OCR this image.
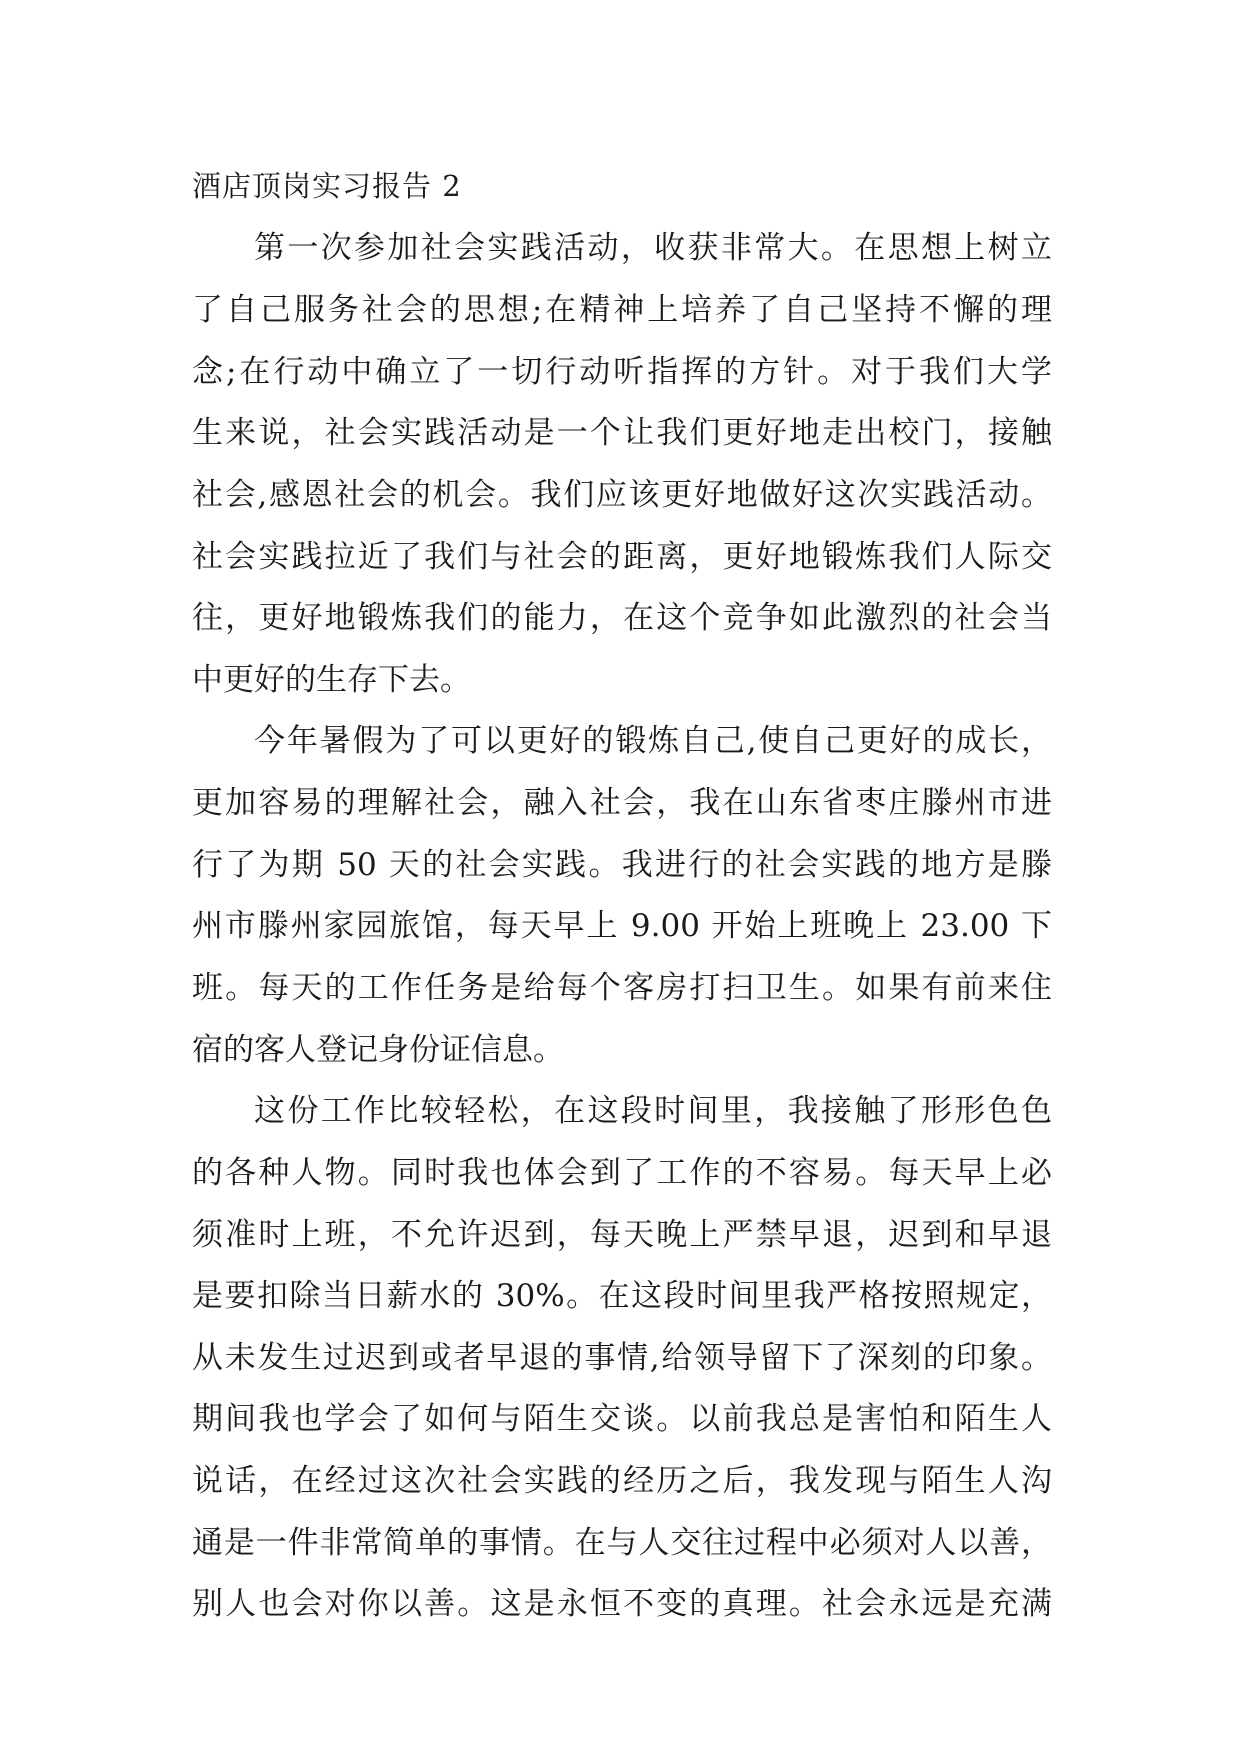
酒店顶岗实习报告 2

第一次参加社会实践活动，收获非常大。在思想上树立

了自己服务社会的思想;在精神上培养了自己坚持不懈的理

念;在行动中确立了一切行动听指挥的方针。对于我们大学

生来说，社会实践活动是一个让我们更好地走出校门，接触

社会,感恩社会的机会。我们应该更好地做好这次实践活动。

社会实践拉近了我们与社会的距离，更好地锻炼我们人际交

往，更好地锻炼我们的能力，在这个竞争如此激烈的社会当

中更好的生存下去。

今年暑假为了可以更好的锻炼自己,使自己更好的成长，

更加容易的理解社会，融入社会，我在山东省枣庄滕州市进

行了为期 50 天的社会实践。我进行的社会实践的地方是滕

州市滕州家园旅馆，每天早上 9.00 开始上班晚上 23.00 下

班。每天的工作任务是给每个客房打扫卫生。如果有前来住

宿的客人登记身份证信息。

这份工作比较轻松，在这段时间里，我接触了形形色色

的各种人物。同时我也体会到了工作的不容易。每天早上必

须准时上班，不允许迟到，每天晚上严禁早退，迟到和早退

是要扣除当日薪水的 30%。在这段时间里我严格按照规定，

从未发生过迟到或者早退的事情,给领导留下了深刻的印象。

期间我也学会了如何与陌生交谈。以前我总是害怕和陌生人

说话，在经过这次社会实践的经历之后，我发现与陌生人沟

通是一件非常简单的事情。在与人交往过程中必须对人以善，

别人也会对你以善。这是永恒不变的真理。社会永远是充满
